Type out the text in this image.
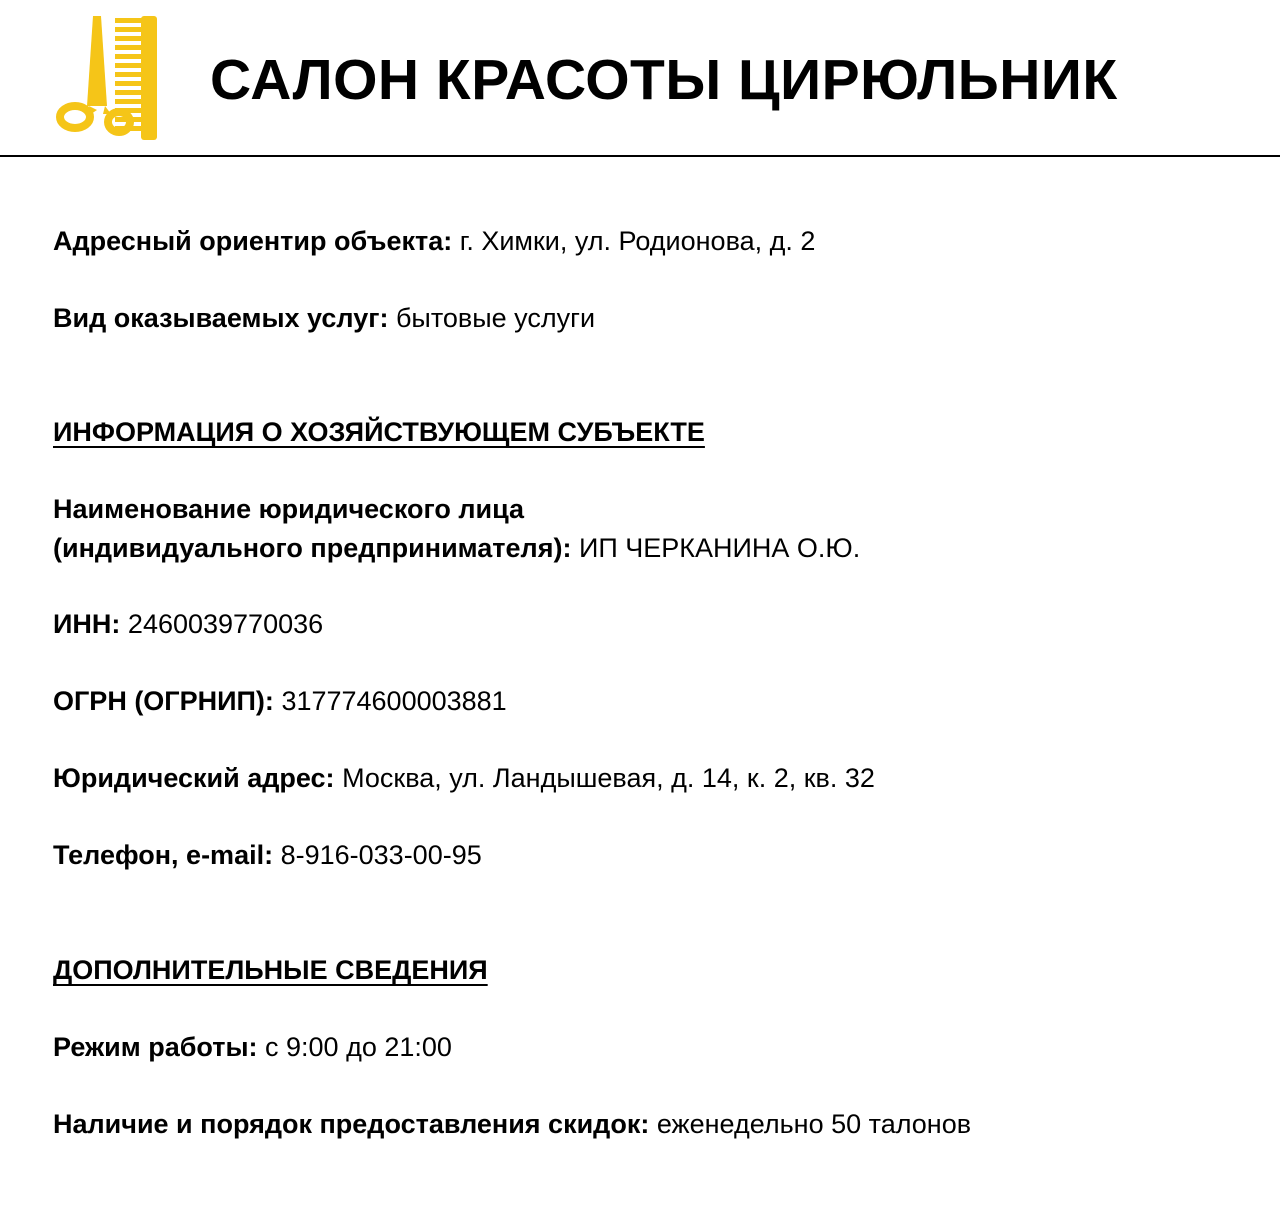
САЛОН КРАСОТЫ ЦИРЮЛЬНИК
Адресный ориентир объекта: г. Химки, ул. Родионова, д. 2
Вид оказываемых услуг: бытовые услуги
ИНФОРМАЦИЯ О ХОЗЯЙСТВУЮЩЕМ СУБЪЕКТЕ
Наименование юридического лица
(индивидуального предпринимателя): ИП ЧЕРКАНИНА О.Ю.
ИНН: 2460039770036
ОГРН (ОГРНИП): 317774600003881
Юридический адрес: Москва, ул. Ландышевая, д. 14, к. 2, кв. 32
Телефон, e-mail: 8-916-033-00-95
ДОПОЛНИТЕЛЬНЫЕ СВЕДЕНИЯ
Режим работы: с 9:00 до 21:00
Наличие и порядок предоставления скидок: еженедельно 50 талонов
